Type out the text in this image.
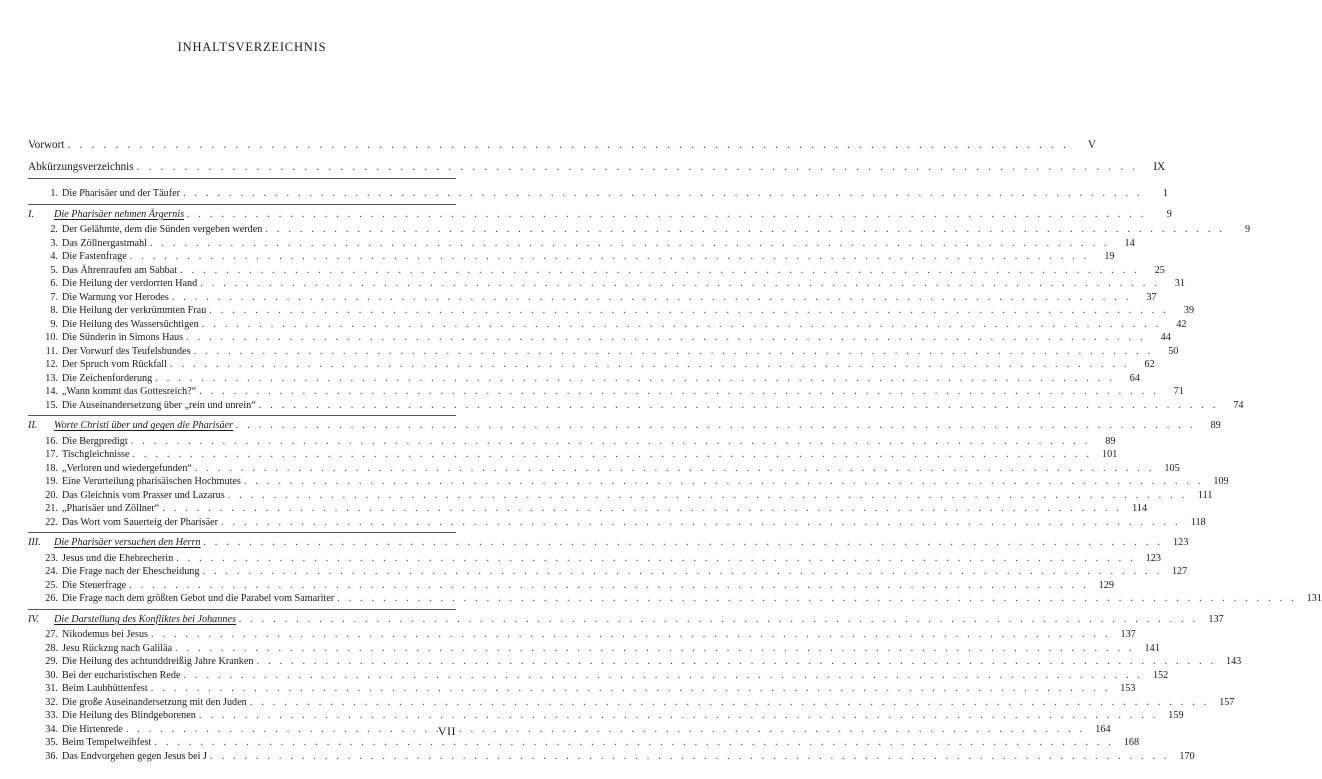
INHALTSVERZEICHNIS
Vorwort . . .	V
Abkürzungsverzeichnis . . .	IX
1. Die Pharisäer und der Täufer . . .	1
I.	Die Pharisäer nehmen Ärgernis . . .	9
2. Der Gelähmte, dem die Sünden vergeben werden . . .	9
3. Das Zöllnergastmahl . . .	14
4. Die Fastenfrage . . .	19
5. Das Ährenraufen am Sabbat . . .	25
6. Die Heilung der verdorrten Hand . . .	31
7. Die Warnung vor Herodes . . .	37
8. Die Heilung der verkrümmten Frau . . .	39
9. Die Heilung des Wassersüchtigen . . .	42
10. Die Sünderin in Simons Haus . . .	44
11. Der Vorwurf des Teufelsbundes . . .	50
12. Der Spruch vom Rückfall . . .	62
13. Die Zeichenforderung . . .	64
14. „Wann kommt das Gottesreich?“ . . .	71
15. Die Auseinandersetzung über „rein und unrein“ . . .	74
II.	Worte Christi über und gegen die Pharisäer . . .	89
16. Die Bergpredigt . . .	89
17. Tischgleichnisse . . .	101
18. „Verloren und wiedergefunden“ . . .	105
19. Eine Verurteilung pharisäischen Hochmutes . . .	109
20. Das Gleichnis vom Prasser und Lazarus . . .	111
21. „Pharisäer und Zöllner“ . . .	114
22. Das Wort vom Sauerteig der Pharisäer . . .	118
III.	Die Pharisäer versuchen den Herrn . . .	123
23. Jesus und die Ehebrecherin . . .	123
24. Die Frage nach der Ehescheidung . . .	127
25. Die Steuerfrage . . .	129
26. Die Frage nach dem größten Gebot und die Parabel vom Samariter . . .	131
IV.	Die Darstellung des Konfliktes bei Johannes . . .	137
27. Nikodemus bei Jesus . . .	137
28. Jesu Rückzug nach Galiläa . . .	141
29. Die Heilung des achtunddreißig Jahre Kranken . . .	143
30. Bei der eucharistischen Rede . . .	152
31. Beim Laubhüttenfest . . .	153
32. Die große Auseinandersetzung mit den Juden . . .	157
33. Die Heilung des Blindgeborenen . . .	159
34. Die Hirtenrede . . .	164
35. Beim Tempelweihfest . . .	168
36. Das Endvorgehen gegen Jesus bei J . . .	170
VII
